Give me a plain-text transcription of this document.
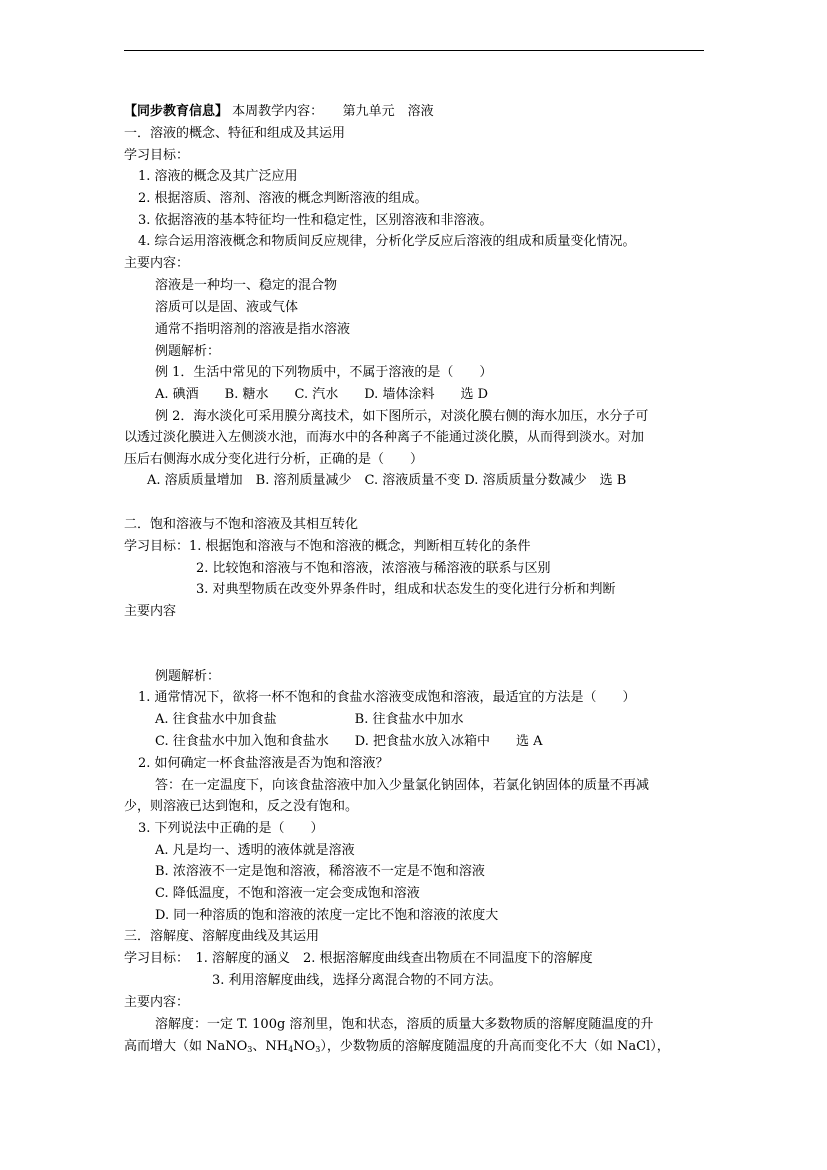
【同步教育信息】 本周教学内容：　　第九单元　溶液
一．溶液的概念、特征和组成及其运用
学习目标：
1. 溶液的概念及其广泛应用
2. 根据溶质、溶剂、溶液的概念判断溶液的组成。
3. 依据溶液的基本特征均一性和稳定性，区别溶液和非溶液。
4. 综合运用溶液概念和物质间反应规律，分析化学反应后溶液的组成和质量变化情况。
主要内容：
溶液是一种均一、稳定的混合物
溶质可以是固、液或气体
通常不指明溶剂的溶液是指水溶液
例题解析：
例 1．生活中常见的下列物质中，不属于溶液的是（　　）
A. 碘酒　　B. 糖水　　C. 汽水　　D. 墙体涂料　　选 D
例 2．海水淡化可采用膜分离技术，如下图所示，对淡化膜右侧的海水加压，水分子可
以透过淡化膜进入左侧淡水池，而海水中的各种离子不能通过淡化膜，从而得到淡水。对加
压后右侧海水成分变化进行分析，正确的是（　　）
A. 溶质质量增加　B. 溶剂质量减少　C. 溶液质量不变 D. 溶质质量分数减少　选 B
二．饱和溶液与不饱和溶液及其相互转化
学习目标：1. 根据饱和溶液与不饱和溶液的概念，判断相互转化的条件
2. 比较饱和溶液与不饱和溶液，浓溶液与稀溶液的联系与区别
3. 对典型物质在改变外界条件时，组成和状态发生的变化进行分析和判断
主要内容
例题解析：
1. 通常情况下，欲将一杯不饱和的食盐水溶液变成饱和溶液，最适宜的方法是（　　）
A. 往食盐水中加食盐　　　　　　B. 往食盐水中加水
C. 往食盐水中加入饱和食盐水　　D. 把食盐水放入冰箱中　　选 A
2. 如何确定一杯食盐溶液是否为饱和溶液？
答：在一定温度下，向该食盐溶液中加入少量氯化钠固体，若氯化钠固体的质量不再减
少，则溶液已达到饱和，反之没有饱和。
3. 下列说法中正确的是（　　）
A. 凡是均一、透明的液体就是溶液
B. 浓溶液不一定是饱和溶液，稀溶液不一定是不饱和溶液
C. 降低温度，不饱和溶液一定会变成饱和溶液
D. 同一种溶质的饱和溶液的浓度一定比不饱和溶液的浓度大
三．溶解度、溶解度曲线及其运用
学习目标：　1. 溶解度的涵义　2. 根据溶解度曲线查出物质在不同温度下的溶解度
3. 利用溶解度曲线，选择分离混合物的不同方法。
主要内容：
溶解度：一定 T. 100g 溶剂里，饱和状态，溶质的质量大多数物质的溶解度随温度的升
高而增大（如 NaNO$_3$、$NH_4NO_3$），少数物质的溶解度随温度的升高而变化不大（如 NaCl），
